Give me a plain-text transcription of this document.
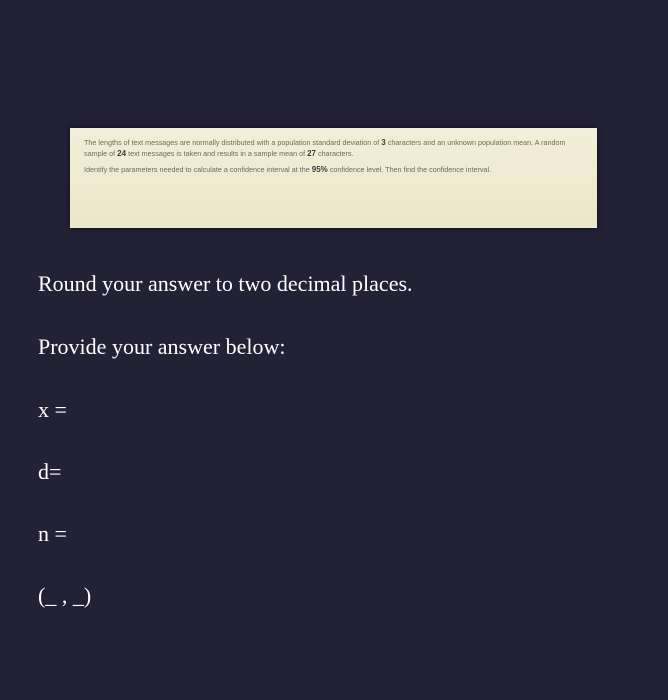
The lengths of text messages are normally distributed with a population standard deviation of 3 characters and an unknown population mean. A random sample of 24 text messages is taken and results in a sample mean of 27 characters.

Identify the parameters needed to calculate a confidence interval at the 95% confidence level. Then find the confidence interval.

Round your answer to two decimal places.
Provide your answer below:
x =
d=
n =
(_ , _)
